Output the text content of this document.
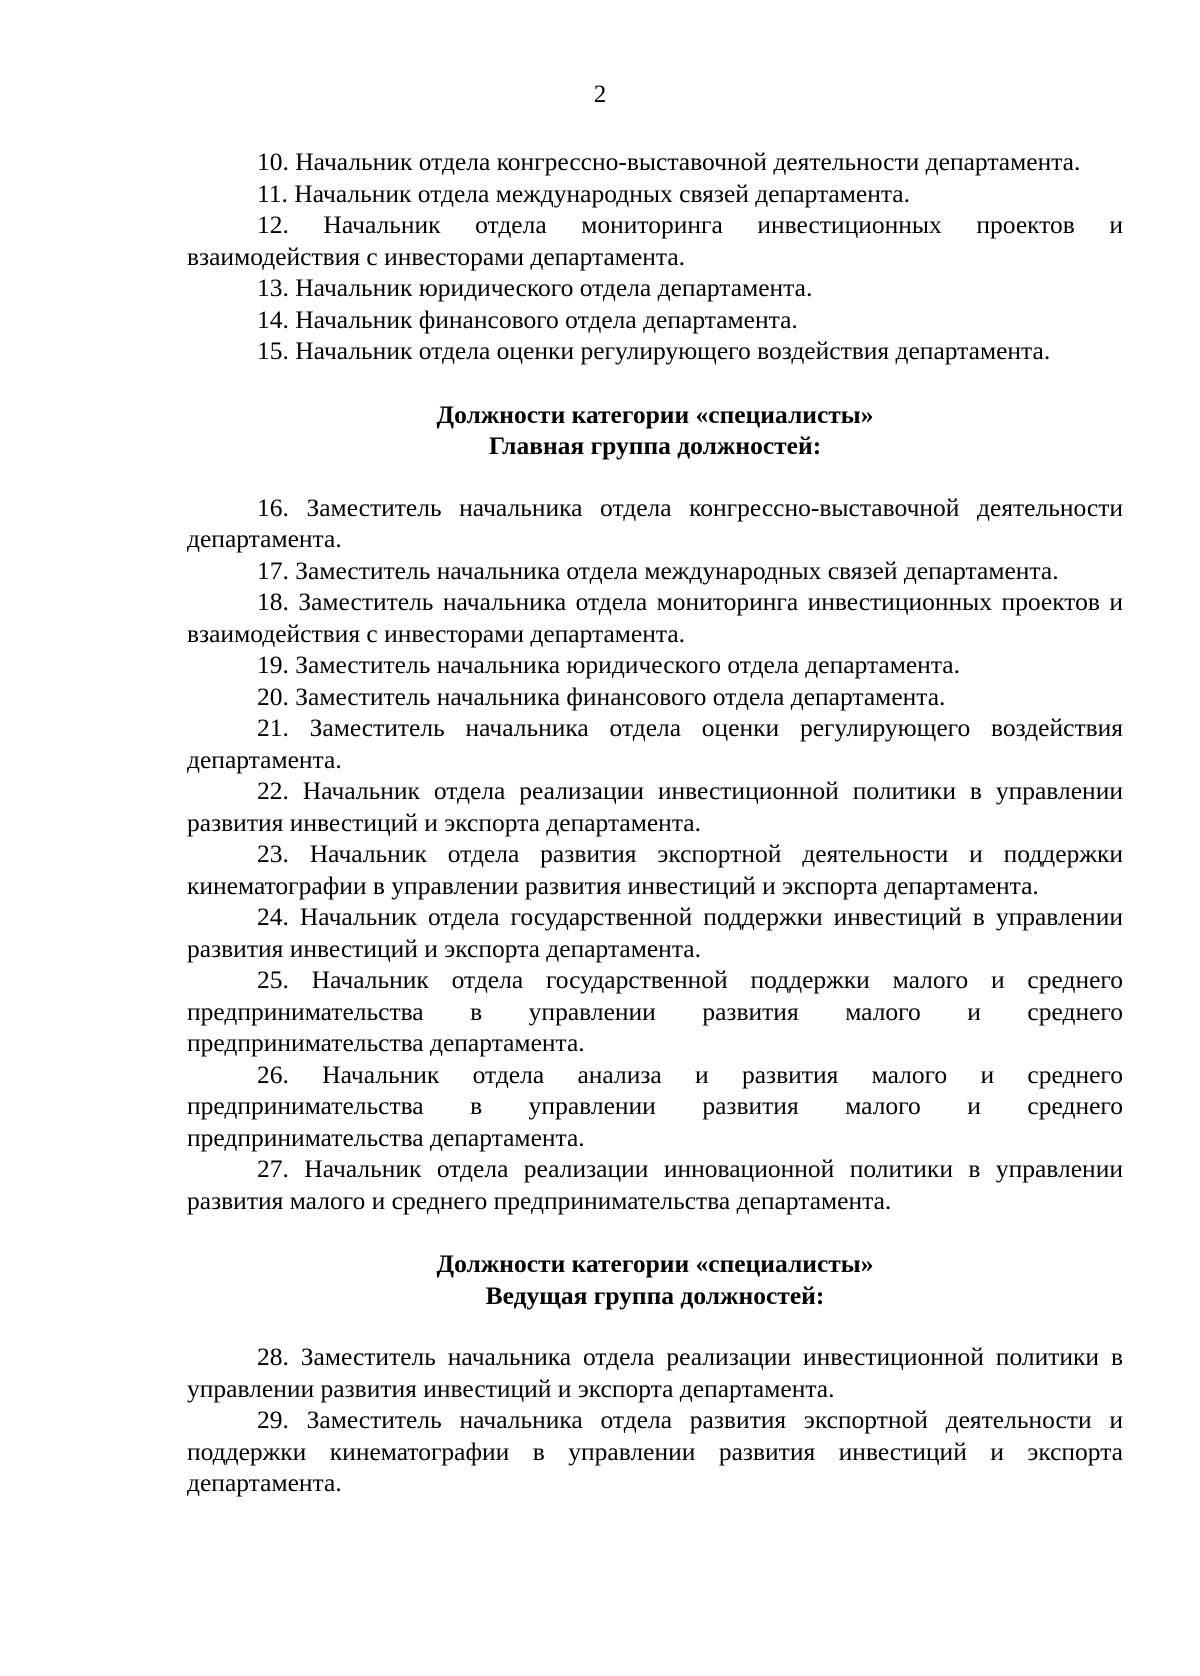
2

10. Начальник отдела конгрессно-выставочной деятельности департамента.

11. Начальник отдела международных связей департамента.

12. Начальник отдела мониторинга инвестиционных проектов и взаимодействия с инвесторами департамента.

13. Начальник юридического отдела департамента.

14. Начальник финансового отдела департамента.

15. Начальник отдела оценки регулирующего воздействия департамента.

Должности категории «специалисты»
Главная группа должностей:

16. Заместитель начальника отдела конгрессно-выставочной деятельности департамента.

17. Заместитель начальника отдела международных связей департамента.

18. Заместитель начальника отдела мониторинга инвестиционных проектов и взаимодействия с инвесторами департамента.

19. Заместитель начальника юридического отдела департамента.

20. Заместитель начальника финансового отдела департамента.

21. Заместитель начальника отдела оценки регулирующего воздействия департамента.

22. Начальник отдела реализации инвестиционной политики в управлении развития инвестиций и экспорта департамента.

23. Начальник отдела развития экспортной деятельности и поддержки кинематографии в управлении развития инвестиций и экспорта департамента.

24. Начальник отдела государственной поддержки инвестиций в управлении развития инвестиций и экспорта департамента.

25. Начальник отдела государственной поддержки малого и среднего предпринимательства в управлении развития малого и среднего предпринимательства департамента.

26. Начальник отдела анализа и развития малого и среднего предпринимательства в управлении развития малого и среднего предпринимательства департамента.

27. Начальник отдела реализации инновационной политики в управлении развития малого и среднего предпринимательства департамента.

Должности категории «специалисты»
Ведущая группа должностей:

28. Заместитель начальника отдела реализации инвестиционной политики в управлении развития инвестиций и экспорта департамента.

29. Заместитель начальника отдела развития экспортной деятельности и поддержки кинематографии в управлении развития инвестиций и экспорта департамента.
